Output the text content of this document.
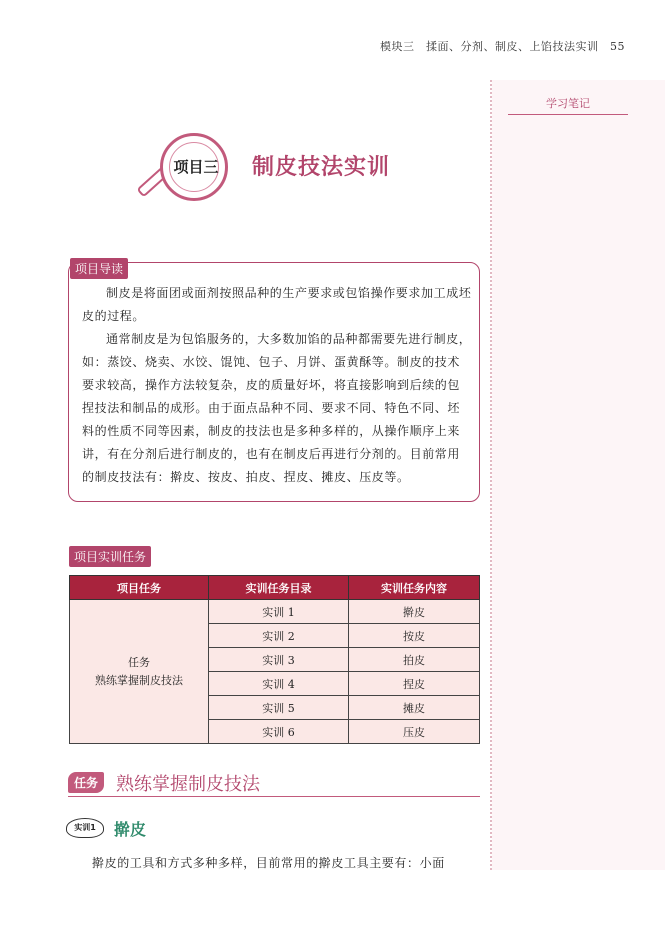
学习笔记
模块三　揉面、分剂、制皮、上馅技法实训　55
项目三	制皮技法实训
项目导读

制皮是将面团或面剂按照品种的生产要求或包馅操作要求加工成坯皮的过程。

通常制皮是为包馅服务的，大多数加馅的品种都需要先进行制皮，如：蒸饺、烧卖、水饺、馄饨、包子、月饼、蛋黄酥等。制皮的技术要求较高，操作方法较复杂，皮的质量好坏，将直接影响到后续的包捏技法和制品的成形。由于面点品种不同、要求不同、特色不同、坯料的性质不同等因素，制皮的技法也是多种多样的，从操作顺序上来讲，有在分剂后进行制皮的，也有在制皮后再进行分剂的。目前常用的制皮技法有：擀皮、按皮、拍皮、捏皮、摊皮、压皮等。

项目实训任务
项目任务	实训任务目录	实训任务内容

任务
熟练掌握制皮技法	实训 1	擀皮
	实训 2	按皮
	实训 3	拍皮
	实训 4	捏皮
	实训 5	摊皮
	实训 6	压皮
任务 熟练掌握制皮技法
实训1	擀皮
擀皮的工具和方式多种多样，目前常用的擀皮工具主要有：小面
